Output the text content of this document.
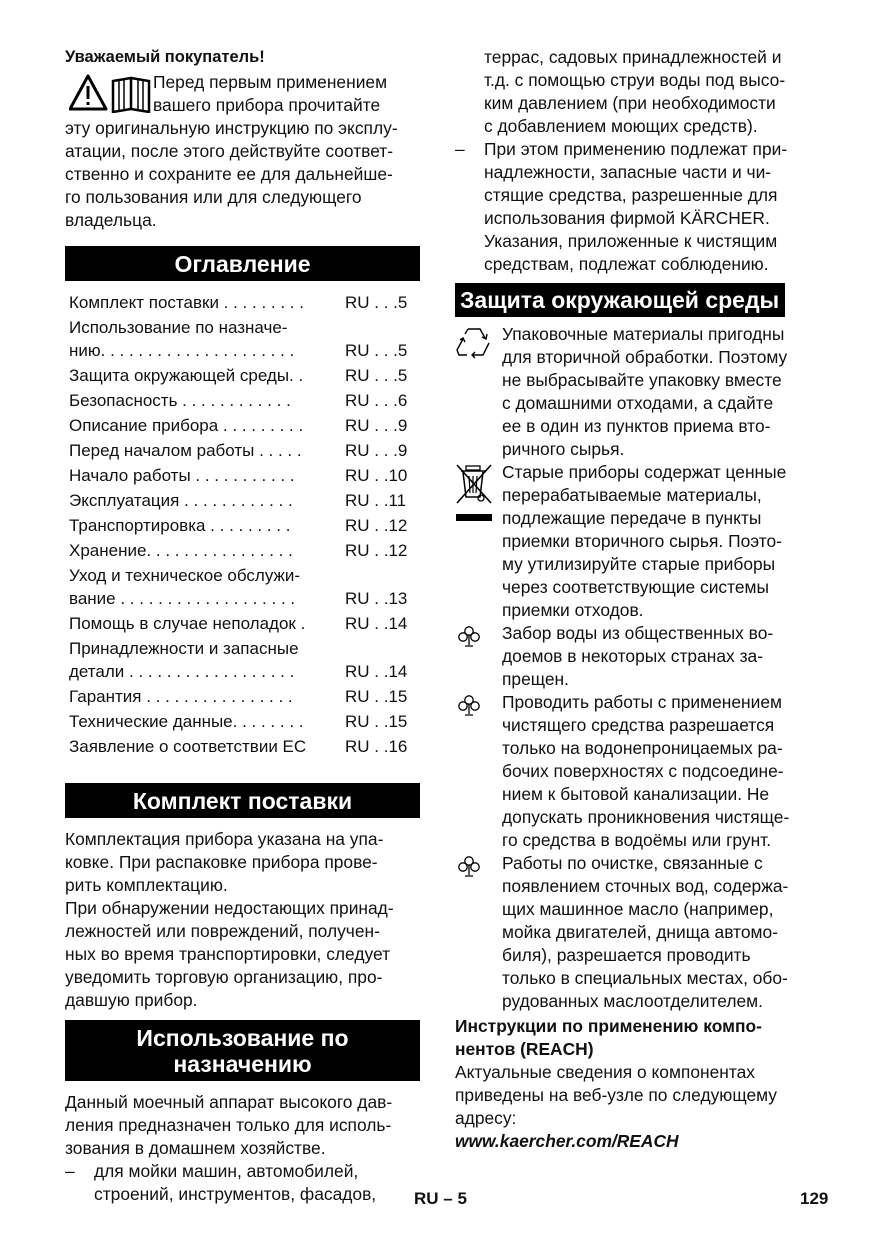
Уважаемый покупатель!

Перед первым применением
вашего прибора прочитайте
эту оригинальную инструкцию по эксплу-
атации, после этого действуйте соответ-
ственно и сохраните ее для дальнейше-
го пользования или для следующего
владельца.

Оглавление
Комплект поставки . . . . . . . . .	RU . . .5
Использование по назначе-
нию. . . . . . . . . . . . . . . . . . . . .	RU . . .5
Защита окружающей среды. .	RU . . .5
Безопасность . . . . . . . . . . . .	RU . . .6
Описание прибора . . . . . . . . .	RU . . .9
Перед началом работы . . . . .	RU . . .9
Начало работы . . . . . . . . . . .	RU . .10
Эксплуатация . . . . . . . . . . . .	RU . .11
Транспортировка . . . . . . . . .	RU . .12
Хранение. . . . . . . . . . . . . . . .	RU . .12
Уход и техническое обслужи-
вание . . . . . . . . . . . . . . . . . . .	RU . .13
Помощь в случае неполадок .	RU . .14
Принадлежности и запасные
детали . . . . . . . . . . . . . . . . . .	RU . .14
Гарантия . . . . . . . . . . . . . . . .	RU . .15
Технические данные. . . . . . . .	RU . .15
Заявление о соответствии ЕС	RU . .16
Комплект поставки

Комплектация прибора указана на упа-
ковке. При распаковке прибора прове-
рить комплектацию.
При обнаружении недостающих принад-
лежностей или повреждений, получен-
ных во время транспортировки, следует
уведомить торговую организацию, про-
давшую прибор.

Использование по
назначению

Данный моечный аппарат высокого дав-
ления предназначен только для исполь-
зования в домашнем хозяйстве.

– для мойки машин, автомобилей,
строений, инструментов, фасадов,
террас, садовых принадлежностей и
т.д. с помощью струи воды под высо-
ким давлением (при необходимости
с добавлением моющих средств).
– При этом применению подлежат при-
надлежности, запасные части и чи-
стящие средства, разрешенные для
использования фирмой KÄRCHER.
Указания, приложенные к чистящим
средствам, подлежат соблюдению.
Защита окружающей среды
Упаковочные материалы пригодны
для вторичной обработки. Поэтому
не выбрасывайте упаковку вместе
с домашними отходами, а сдайте
ее в один из пунктов приема вто-
ричного сырья.
Старые приборы содержат ценные
перерабатываемые материалы,
подлежащие передаче в пункты
приемки вторичного сырья. Поэто-
му утилизируйте старые приборы
через соответствующие системы
приемки отходов.
Забор воды из общественных во-
доемов в некоторых странах за-
прещен.
Проводить работы с применением
чистящего средства разрешается
только на водонепроницаемых ра-
бочих поверхностях с подсоедине-
нием к бытовой канализации. Не
допускать проникновения чистяще-
го средства в водоёмы или грунт.
Работы по очистке, связанные с
появлением сточных вод, содержа-
щих машинное масло (например,
мойка двигателей, днища автомо-
биля), разрешается проводить
только в специальных местах, обо-
рудованных маслоотделителем.
Инструкции по применению компо-
нентов (REACH)

Актуальные сведения о компонентах
приведены на веб-узле по следующему
адресу:
www.kaercher.com/REACH

RU – 5	129
